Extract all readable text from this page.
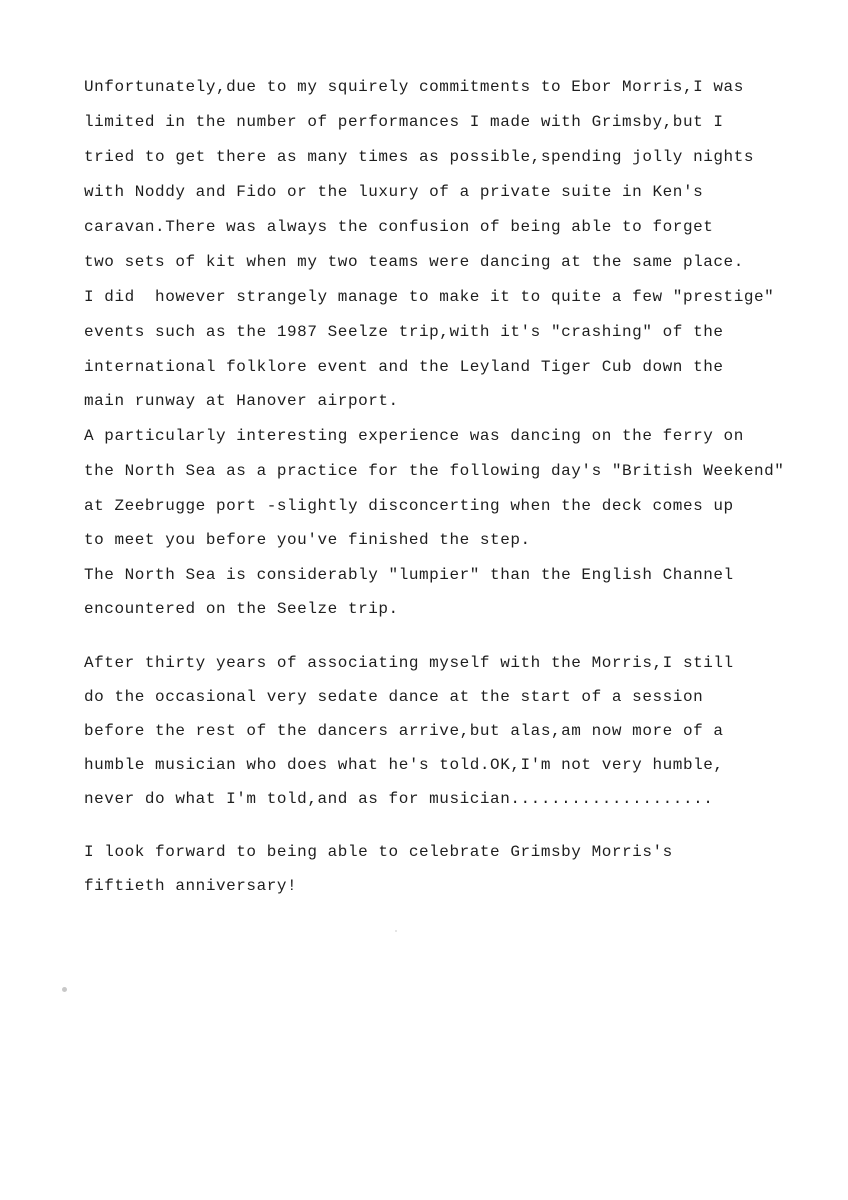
Unfortunately,due to my squirely commitments to Ebor Morris,I was
limited in the number of performances I made with Grimsby,but I
tried to get there as many times as possible,spending jolly nights
with Noddy and Fido or the luxury of a private suite in Ken's
caravan.There was always the confusion of being able to forget
two sets of kit when my two teams were dancing at the same place.
I did  however strangely manage to make it to quite a few "prestige"
events such as the 1987 Seelze trip,with it's "crashing" of the
international folklore event and the Leyland Tiger Cub down the
main runway at Hanover airport.
A particularly interesting experience was dancing on the ferry on
the North Sea as a practice for the following day's "British Weekend"
at Zeebrugge port -slightly disconcerting when the deck comes up
to meet you before you've finished the step.
The North Sea is considerably "lumpier" than the English Channel
encountered on the Seelze trip.
After thirty years of associating myself with the Morris,I still
do the occasional very sedate dance at the start of a session
before the rest of the dancers arrive,but alas,am now more of a
humble musician who does what he's told.OK,I'm not very humble,
never do what I'm told,and as for musician....................
I look forward to being able to celebrate Grimsby Morris's
fiftieth anniversary!
